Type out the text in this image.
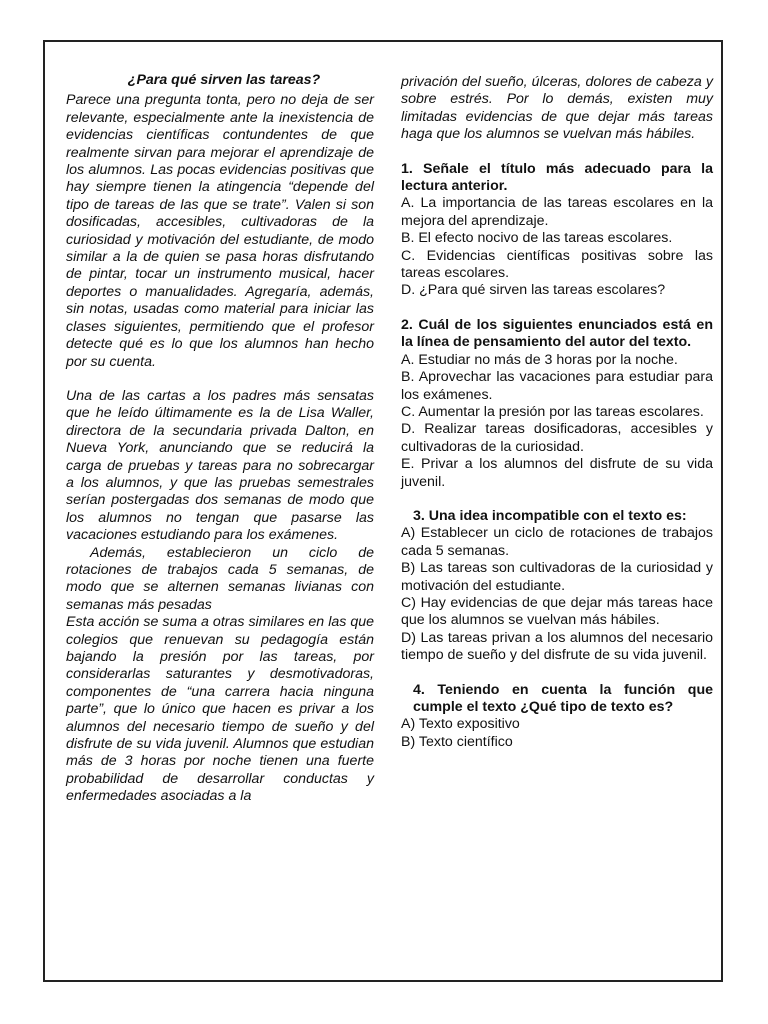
¿Para qué sirven las tareas?

Parece una pregunta tonta, pero no deja de ser relevante, especialmente ante la inexistencia de evidencias científicas contundentes de que realmente sirvan para mejorar el aprendizaje de los alumnos. Las pocas evidencias positivas que hay siempre tienen la atingencia “depende del tipo de tareas de las que se trate”. Valen si son dosificadas, accesibles, cultivadoras de la curiosidad y motivación del estudiante, de modo similar a la de quien se pasa horas disfrutando de pintar, tocar un instrumento musical, hacer deportes o manualidades. Agregaría, además, sin notas, usadas como material para iniciar las clases siguientes, permitiendo que el profesor detecte qué es lo que los alumnos han hecho por su cuenta.

Una de las cartas a los padres más sensatas que he leído últimamente es la de Lisa Waller, directora de la secundaria privada Dalton, en Nueva York, anunciando que se reducirá la carga de pruebas y tareas para no sobrecargar a los alumnos, y que las pruebas semestrales serían postergadas dos semanas de modo que los alumnos no tengan que pasarse las vacaciones estudiando para los exámenes.

Además, establecieron un ciclo de rotaciones de trabajos cada 5 semanas, de modo que se alternen semanas livianas con semanas más pesadas

Esta acción se suma a otras similares en las que colegios que renuevan su pedagogía están bajando la presión por las tareas, por considerarlas saturantes y desmotivadoras, componentes de “una carrera hacia ninguna parte”, que lo único que hacen es privar a los alumnos del necesario tiempo de sueño y del disfrute de su vida juvenil. Alumnos que estudian más de 3 horas por noche tienen una fuerte probabilidad de desarrollar conductas y enfermedades asociadas a la

privación del sueño, úlceras, dolores de cabeza y sobre estrés. Por lo demás, existen muy limitadas evidencias de que dejar más tareas haga que los alumnos se vuelvan más hábiles.

1. Señale el título más adecuado para la lectura anterior.

A. La importancia de las tareas escolares en la mejora del aprendizaje.

B. El efecto nocivo de las tareas escolares.

C. Evidencias científicas positivas sobre las tareas escolares.

D. ¿Para qué sirven las tareas escolares?

2. Cuál de los siguientes enunciados está en la línea de pensamiento del autor del texto.

A. Estudiar no más de 3 horas por la noche.

B. Aprovechar las vacaciones para estudiar para los exámenes.

C. Aumentar la presión por las tareas escolares.

D. Realizar tareas dosificadoras, accesibles y cultivadoras de la curiosidad.

E. Privar a los alumnos del disfrute de su vida juvenil.

3. Una idea incompatible con el texto es:

A) Establecer un ciclo de rotaciones de trabajos cada 5 semanas.

B) Las tareas son cultivadoras de la curiosidad y motivación del estudiante.

C) Hay evidencias de que dejar más tareas hace que los alumnos se vuelvan más hábiles.

D) Las tareas privan a los alumnos del necesario tiempo de sueño y del disfrute de su vida juvenil.

4. Teniendo en cuenta la función que cumple el texto ¿Qué tipo de texto es?

A) Texto expositivo

B) Texto científico
